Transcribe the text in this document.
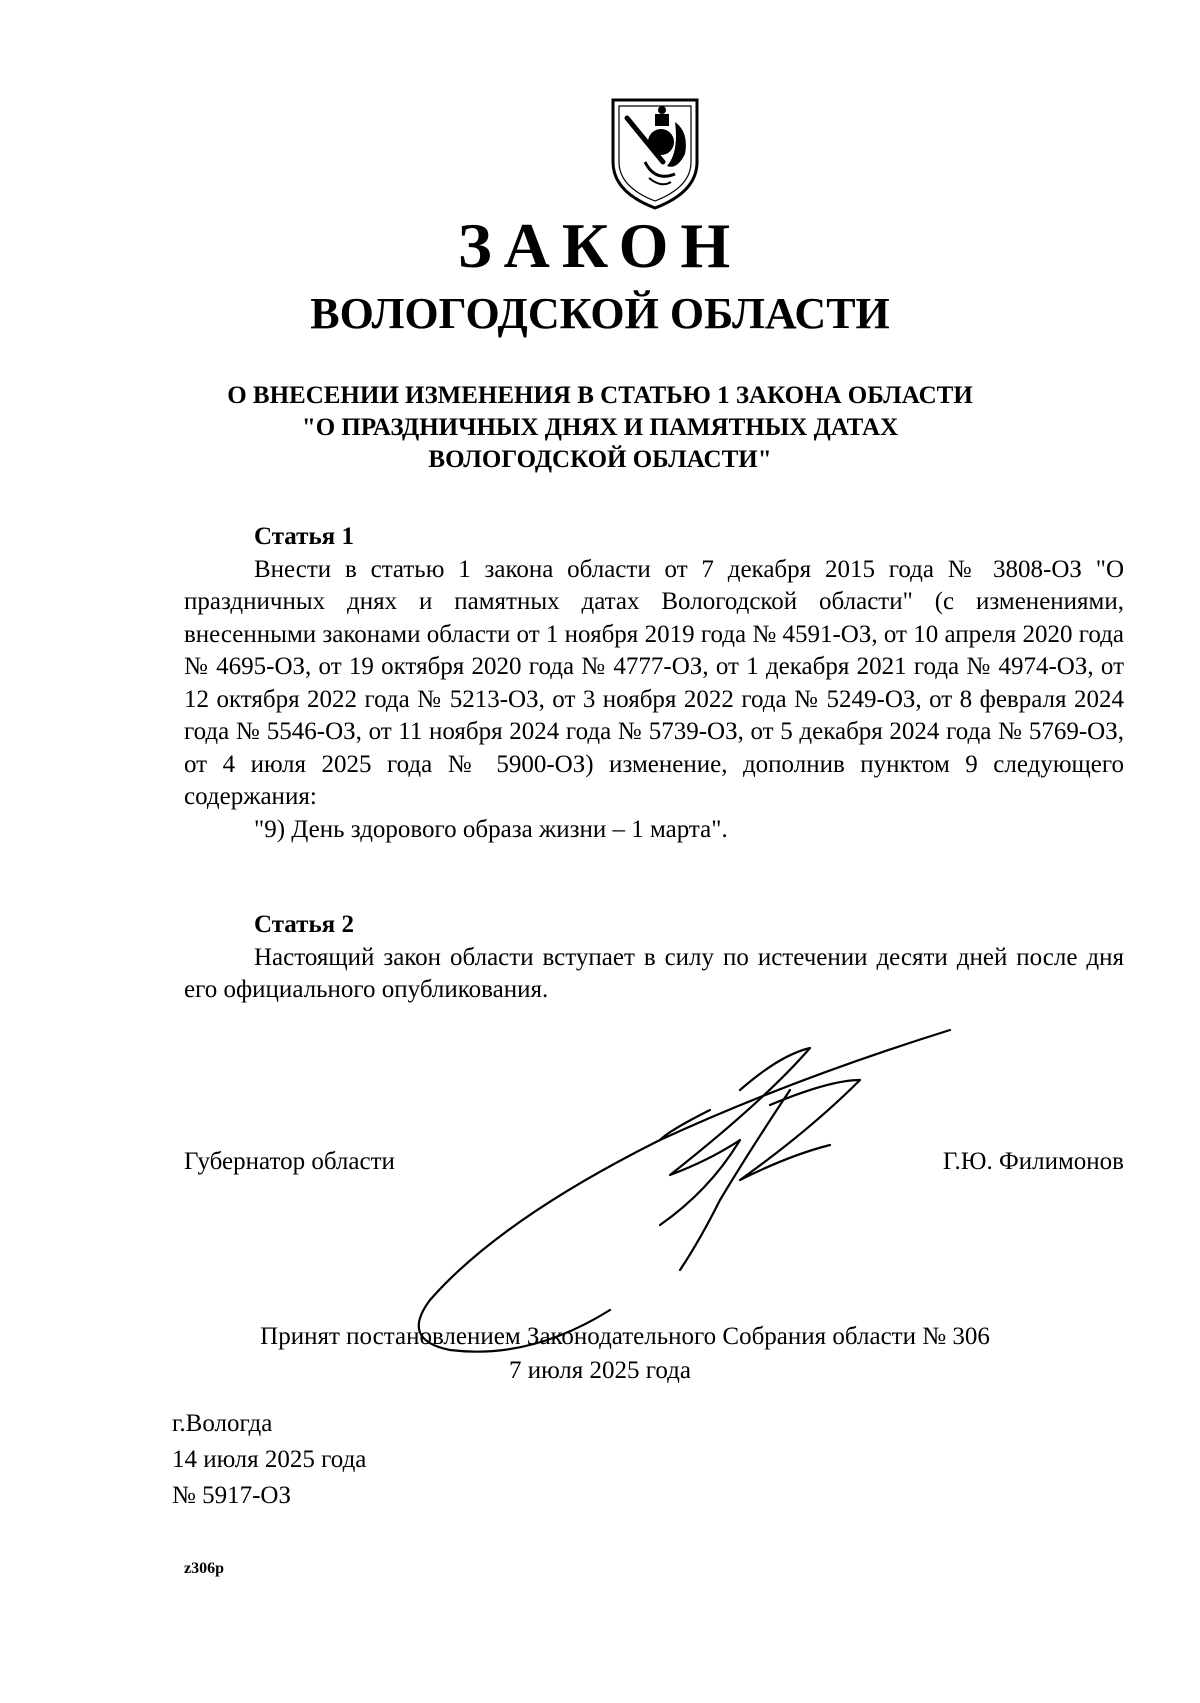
ЗАКОН
ВОЛОГОДСКОЙ ОБЛАСТИ
О ВНЕСЕНИИ ИЗМЕНЕНИЯ В СТАТЬЮ 1 ЗАКОНА ОБЛАСТИ
"О ПРАЗДНИЧНЫХ ДНЯХ И ПАМЯТНЫХ ДАТАХ
ВОЛОГОДСКОЙ ОБЛАСТИ"
Статья 1

Внести в статью 1 закона области от 7 декабря 2015 года № 3808-ОЗ "О праздничных днях и памятных датах Вологодской области" (с изменениями, внесенными законами области от 1 ноября 2019 года № 4591-ОЗ, от 10 апреля 2020 года № 4695-ОЗ, от 19 октября 2020 года № 4777-ОЗ, от 1 декабря 2021 года № 4974-ОЗ, от 12 октября 2022 года № 5213-ОЗ, от 3 ноября 2022 года № 5249-ОЗ, от 8 февраля 2024 года № 5546-ОЗ, от 11 ноября 2024 года № 5739-ОЗ, от 5 декабря 2024 года № 5769-ОЗ, от 4 июля 2025 года № 5900-ОЗ) изменение, дополнив пунктом 9 следующего содержания:

"9) День здорового образа жизни – 1 марта".

Статья 2

Настоящий закон области вступает в силу по истечении десяти дней после дня его официального опубликования.

Губернатор области	Г.Ю. Филимонов
Принят постановлением Законодательного Собрания области № 306
7 июля 2025 года
г.Вологда
14 июля 2025 года
№ 5917-ОЗ
z306p
